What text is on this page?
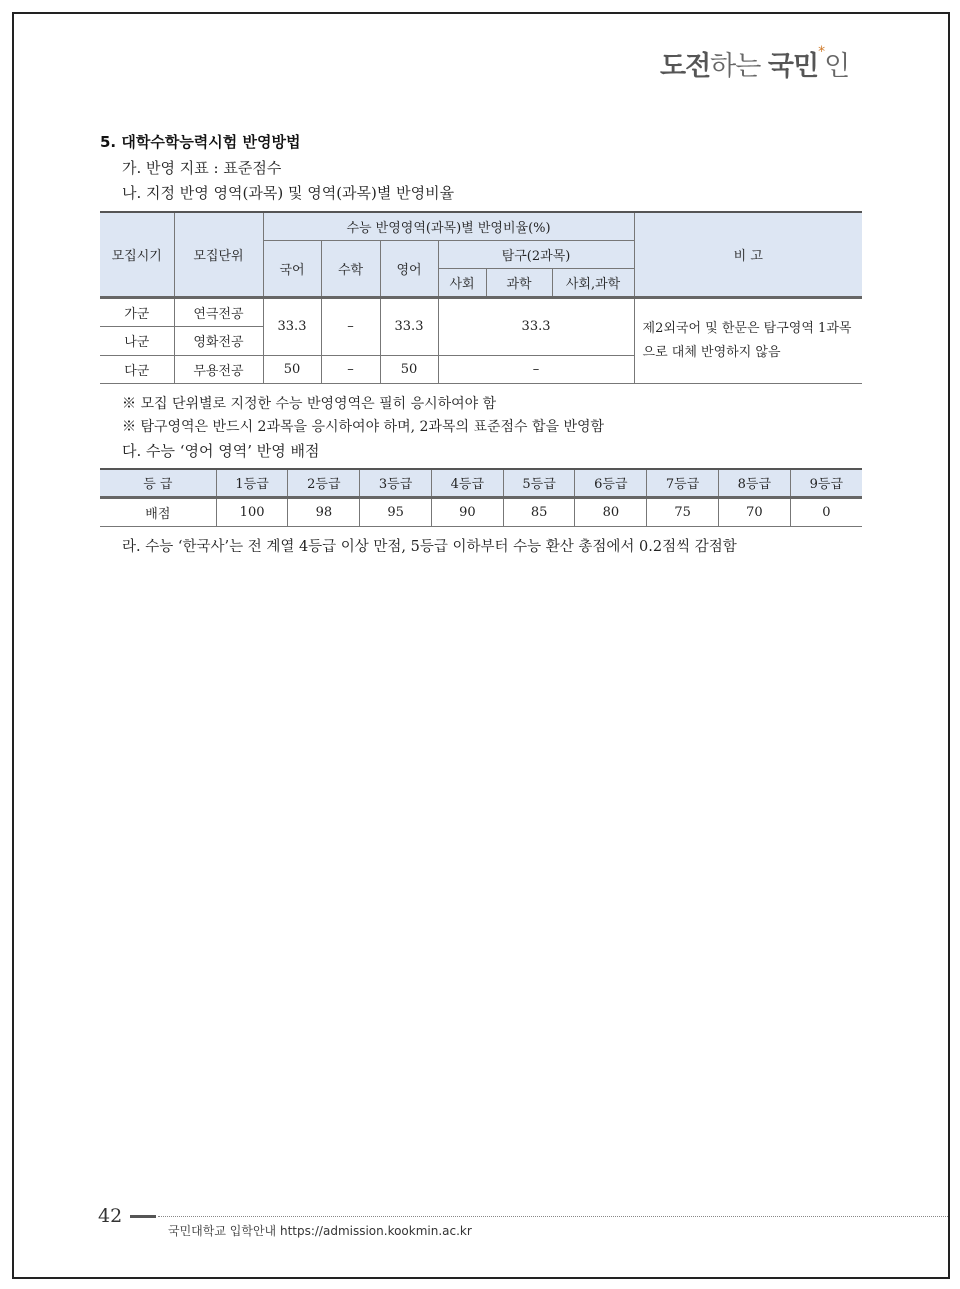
도전하는 국민*인
5. 대학수학능력시험 반영방법
가. 반영 지표 : 표준점수
나. 지정 반영 영역(과목) 및 영역(과목)별 반영비율
모집시기	모집단위	수능 반영영역(과목)별 반영비율(%)						비 고
		국어	수학	영어	탐구(2과목)			
					사회	과학	사회,과학	
가군	연극전공	33.3	–	33.3	33.3			제2외국어 및 한문은 탐구영역 1과목으로 대체 반영하지 않음
나군	영화전공							
다군	무용전공	50	–	50	–			
※ 모집 단위별로 지정한 수능 반영영역은 필히 응시하여야 함
※ 탐구영역은 반드시 2과목을 응시하여야 하며, 2과목의 표준점수 합을 반영함
다. 수능 ‘영어 영역’ 반영 배점
등 급	1등급	2등급	3등급	4등급	5등급	6등급	7등급	8등급	9등급
배점	100	98	95	90	85	80	75	70	0
라. 수능 ‘한국사’는 전 계열 4등급 이상 만점, 5등급 이하부터 수능 환산 총점에서 0.2점씩 감점함
42
국민대학교 입학안내 https://admission.kookmin.ac.kr
